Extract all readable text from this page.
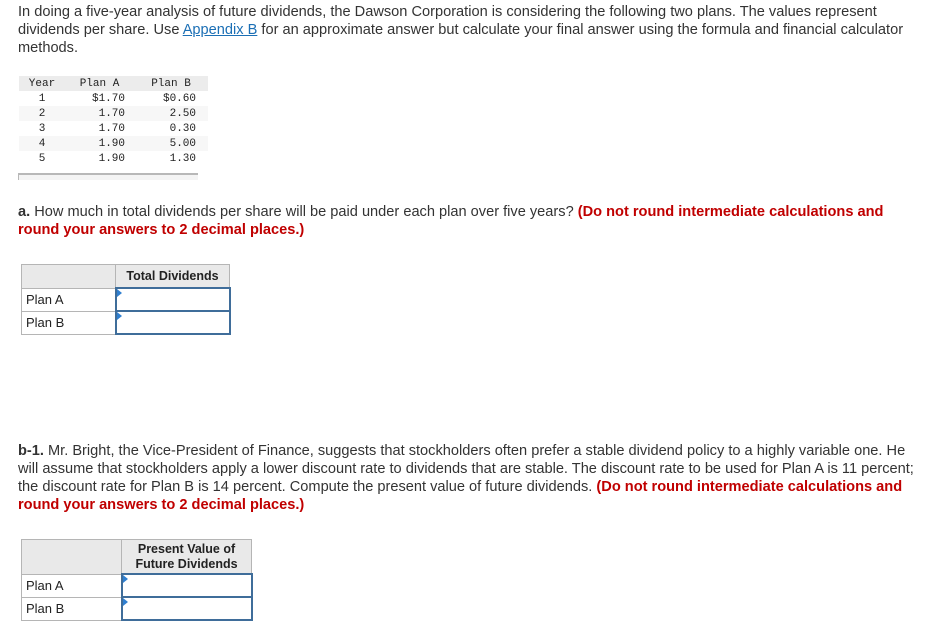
In doing a five-year analysis of future dividends, the Dawson Corporation is considering the following two plans. The values represent dividends per share. Use Appendix B for an approximate answer but calculate your final answer using the formula and financial calculator methods.

Year	Plan A	Plan B
1	$1.70	$0.60
2	1.70	2.50
3	1.70	0.30
4	1.90	5.00
5	1.90	1.30

a. How much in total dividends per share will be paid under each plan over five years? (Do not round intermediate calculations and round your answers to 2 decimal places.)

	Total Dividends
Plan A	

Plan B	

b-1. Mr. Bright, the Vice-President of Finance, suggests that stockholders often prefer a stable dividend policy to a highly variable one. He will assume that stockholders apply a lower discount rate to dividends that are stable. The discount rate to be used for Plan A is 11 percent; the discount rate for Plan B is 14 percent. Compute the present value of future dividends. (Do not round intermediate calculations and round your answers to 2 decimal places.)

	Present Value of
Future Dividends
Plan A	

Plan B	
